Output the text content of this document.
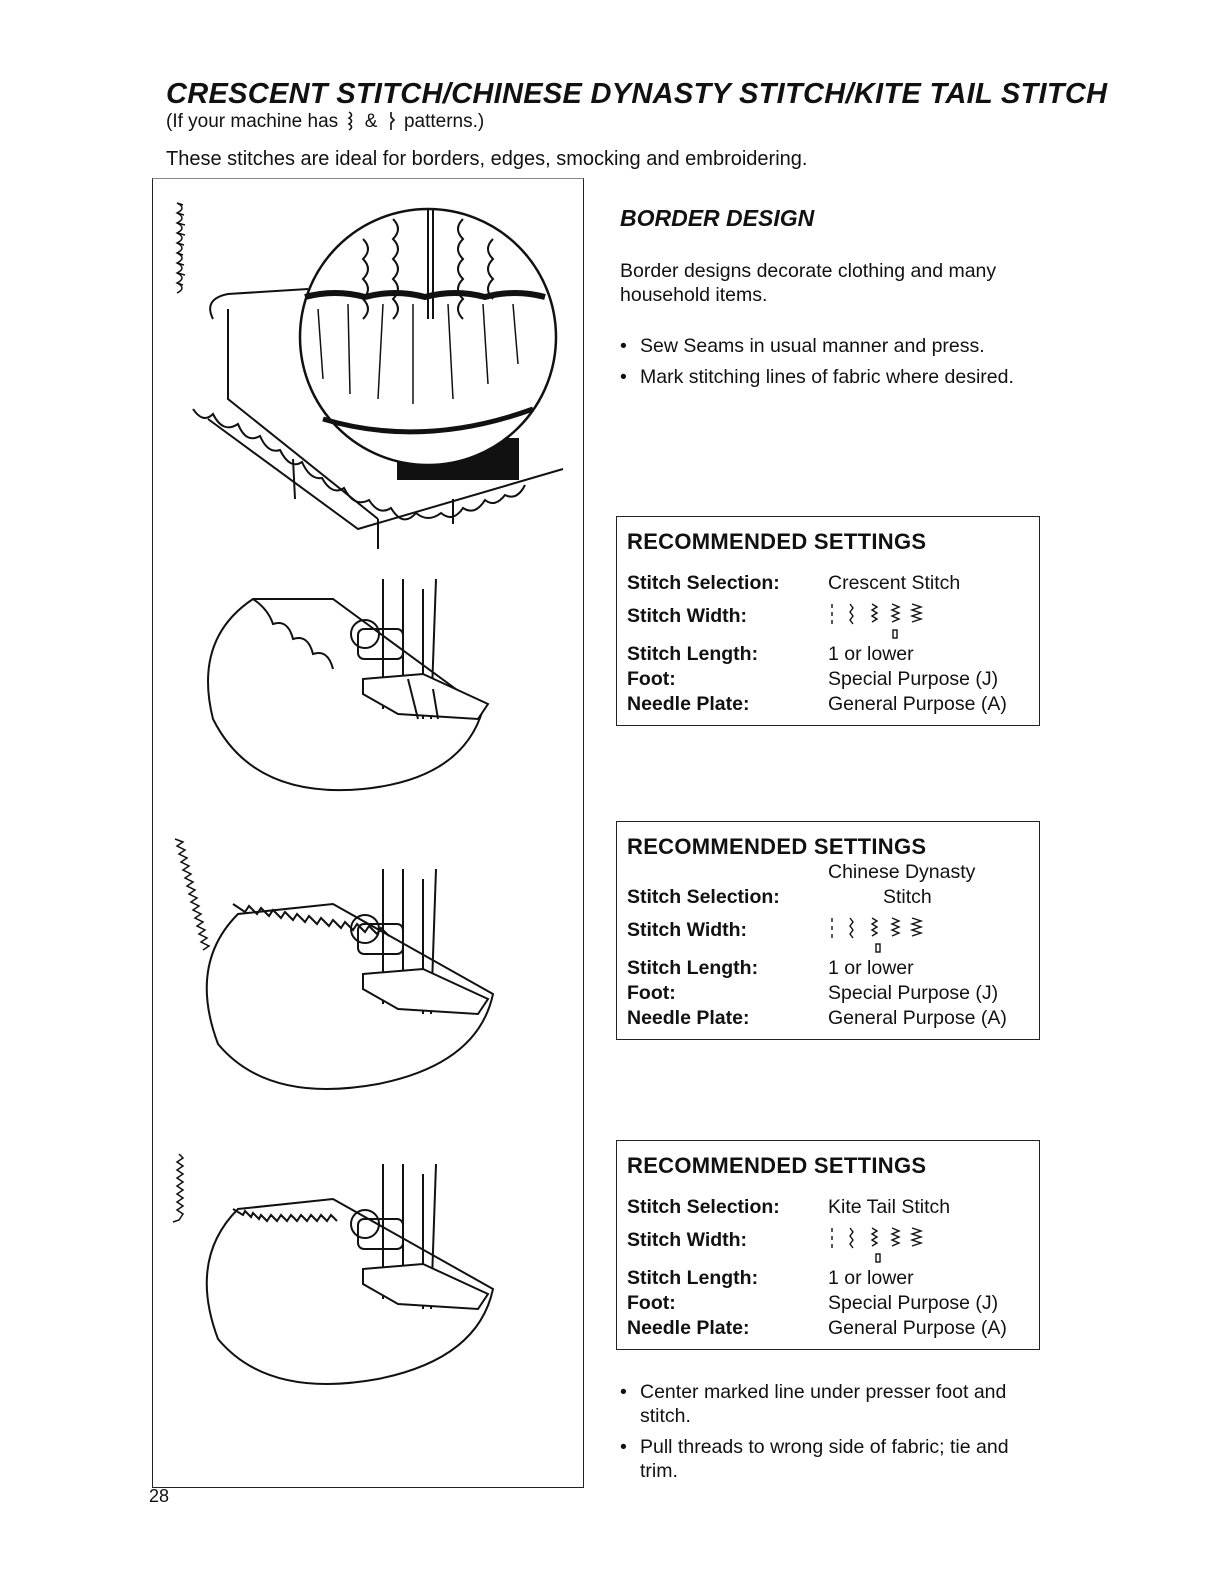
CRESCENT STITCH/CHINESE DYNASTY STITCH/KITE TAIL STITCH
(If your machine has & patterns.)
These stitches are ideal for borders, edges, smocking and embroidering.
28
BORDER DESIGN

Border designs decorate clothing and many household items.

• Sew Seams in usual manner and press.
• Mark stitching lines of fabric where desired.
RECOMMENDED SETTINGS
Stitch Selection:	Crescent Stitch
Stitch Width:
Stitch Length:	1 or lower
Foot:	Special Purpose (J)
Needle Plate:	General Purpose (A)
RECOMMENDED SETTINGS
Chinese Dynasty
Stitch Selection:	Stitch
Stitch Width:
Stitch Length:	1 or lower
Foot:	Special Purpose (J)
Needle Plate:	General Purpose (A)
RECOMMENDED SETTINGS
Stitch Selection:	Kite Tail Stitch
Stitch Width:
Stitch Length:	1 or lower
Foot:	Special Purpose (J)
Needle Plate:	General Purpose (A)
• Center marked line under presser foot and stitch.
• Pull threads to wrong side of fabric; tie and trim.
